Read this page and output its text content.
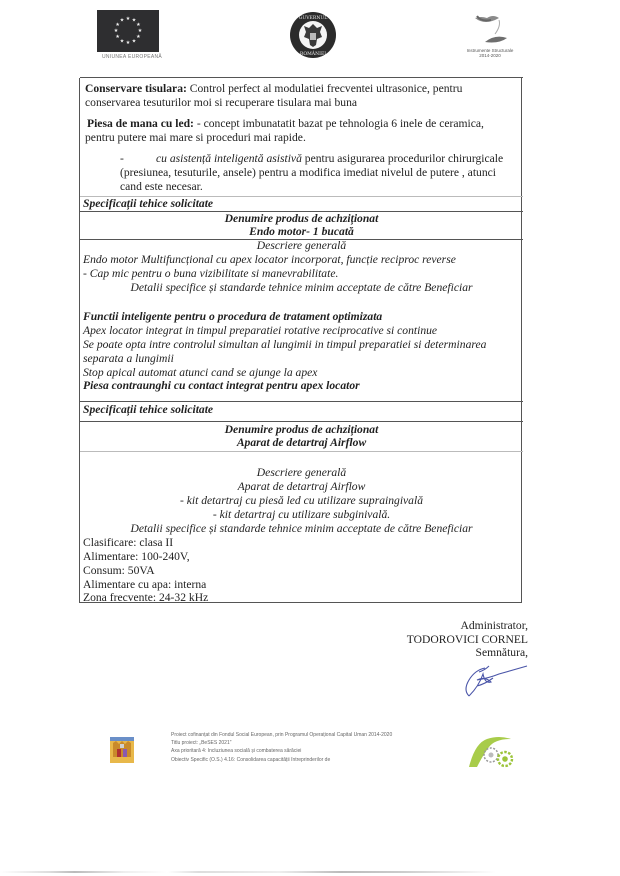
★ ★
★
★
★
★
★
★
★
★
★
★
UNIUNEA EUROPEANĂ
GUVERNUL
ROMÂNIEI
Instrumente Structurale
2014-2020
Conservare tisulara: Control perfect al modulatiei frecventei ultrasonice, pentru
conservarea tesuturilor moi si recuperare tisulara mai buna
Piesa de mana cu led: - concept imbunatatit bazat pe tehnologia 6 inele de ceramica,
pentru putere mai mare si proceduri mai rapide.
-	cu asistență inteligentă asistivă pentru asigurarea procedurilor chirurgicale
(presiunea, tesuturile, ansele) pentru a modifica imediat nivelul de putere , atunci
cand este necesar.
Specificații tehice solicitate
Denumire produs de achziționat
Endo motor- 1 bucată
Descriere generală
Endo motor Multifuncțional cu apex locator incorporat, funcție reciproc reverse
- Cap mic pentru o buna vizibilitate si manevrabilitate.
Detalii specifice și standarde tehnice minim acceptate de către Beneficiar
Functii inteligente pentru o procedura de tratament optimizata
Apex locator integrat in timpul preparatiei rotative reciprocative si continue
Se poate opta intre controlul simultan al lungimii in timpul preparatiei si determinarea
separata a lungimii
Stop apical automat atunci cand se ajunge la apex
Piesa contraunghi cu contact integrat pentru apex locator
Specificații tehice solicitate
Denumire produs de achziționat
Aparat de detartraj Airflow
Descriere generală
Aparat de detartraj Airflow
- kit detartraj cu piesă led cu utilizare supraingivală
- kit detartraj cu utilizare subginivală.
Detalii specifice și standarde tehnice minim acceptate de către Beneficiar
Clasificare: clasa II
Alimentare: 100-240V,
Consum: 50VA
Alimentare cu apa: interna
Zona frecvente: 24-32 kHz
Administrator,
TODOROVICI CORNEL
Semnătura,
Proiect cofinanțat din Fondul Social European, prin Programul Operațional Capital Uman 2014-2020
Titlu proiect: „BeSES 2021”
Axa prioritară 4: Incluziunea socială și combaterea sărăciei
Obiectiv Specific (O.S.) 4.16: Consolidarea capacității întreprinderilor de
